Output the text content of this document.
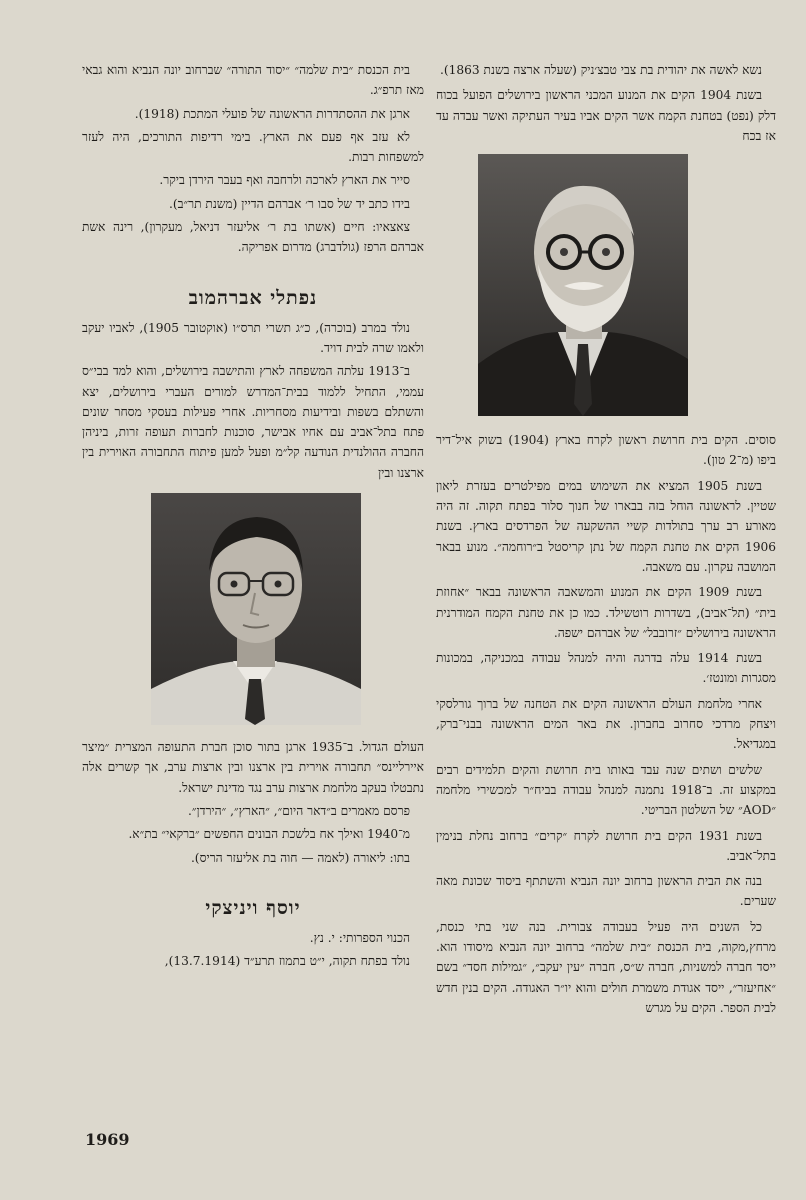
נשא לאשה את יהודית בת צבי טבצ׳ניק (שעלה ארצה בשנת 1863).

בשנת 1904 הקים את המנוע המכני הראשון בירושלים הפועל בכוח דלק (נפט) בטחנת הקמח אשר הקים אביו בעיר העתיקה ואשר עבדה עד אז בכח

סוסים. הקים בית חרושת ראשון לקרח בארץ (1904) בשוק איל־דיר ביפו (מ־2 טון).

בשנת 1905 המציא את השימוש במים מפילטרים בעזרת ליאון שטיין. לראשונה הוחל בזה בבארו של חנוך סלור בפתח תקוה. זה היה מאורע רב ערך בתולדות קשיי ההשקעה של הפרדסים בארץ. בשנת 1906 הקים את טחנת הקמח של נתן קריסטל ב״רוחמה״. מנוע בבאר המושבה עקרון. עם משאבה.

בשנת 1909 הקים את המנוע והמשאבה הראשונה בבאר ״אחוזת בית״ (תל־אביב), בשדרות רוטשילד. כמו כן את טחנת הקמח המודרנית הראשונה בירושלים ״זרובבל״ של אברהם ישפה.

בשנת 1914 עלה בדרגה והיה למנהל עבודה במכניקה, במכונות מסגרות ומונטז׳.

אחרי מלחמת העולם הראשונה הקים את הטחנה של ברוך גורלסקי ויצחק מרדכי סחרוב בחברון. את באר המים הראשונה בבני־ברק, במגדיאל.

שלשים ושתים שנה עבד באותו בית חרושת והקים תלמידים רבים במקצוע זה. ב־1918 נתמנה למנהל עבודה בביח״ר למכשירי מלחמה ״AOD״ של השלטון הבריטי.

בשנת 1931 הקים בית חרושת לקרח ״קרים״ ברחוב נחלת בנימין בתל־אביב.

בנה את הבית הראשון ברחוב יונה הנביא והשתתף ביסוד שכונת מאה שערים.

כל השנים היה פעיל בעבודה צבורית. בנה שני בתי כנסת, מרחץ,מקוה, בית הכנסת ״בית שלמה״ ברחוב יונה הנביא מיסודו הוא. ייסד חברה למשניות, חברה ש״ס, חברה ״עין יעקב״, ״גמילות חסד״ בשם ״אחיעזר״, ייסד אגודת משמרת חולים והוא יו״ר האגודה. הקים בנין חדש לבית הספר. הקים על מגרש

בית הכנסת ״בית שלמה״ ״יסוד התורה״ שברחוב יונה הנביא והוא גבאי מאז תרפ״ג.

ארגן את ההסתדרות הראשונה של פועלי המתכת (1918).

לא עזב אף פעם את הארץ. בימי רדיפות התורכים, היה לעזר למשפחות רבות.

סייר את הארץ לארכה ולרחבה ואף בעבר הירדן ביקר.

בידו כתב יד של סבו ר׳ אברהם הדיין (משנת תר״ב).

צאצאיו: חיים (אשתו בת ר׳ אליעזר דניאל, מעקרון), רינה אשת אברהם הרפז (גולדברג) מדרום אפריקה.

נפתלי אברהמוב

נולד במרב (בוכרה), כ״ג תשרי תרס״ו (אוקטובר 1905), לאביו יעקב ולאמו שרה לבית דויד.

ב־1913 עלתה המשפחה לארץ והתישבה בירושלים, והוא למד בבי״ס עממי, התחיל ללמוד בבית־המדרש למורים העברי בירושלים, יצא והשתלם בשפות ובידיעות מסחריות. אחרי פעילות בעסקי מסחר שונים פתח בתל־אביב עם אחיו אבישר, סוכנות לחברות תעופה זרות, ביניהן החברה ההולנדית הנודעה קל״מ ופעל למען פיתוח התחבורה האוירית בין ארצנו ובין

העולם הגדול. ב־1935 ארגן בתור סוכן חברת התעופה המצרית ״מיצר איירליינס״ תחבורה אוירית בין ארצנו ובין ארצות ערב, אך קשרים אלה נתבטלו בעקב מלחמת ארצות ערב נגד מדינת ישראל.

פרסם מאמרים ב״דאר היום״, ״הארץ״, ״הירדן״.

מ־1940 ואילך אח בלשכת הבונים החפשים ״ברקאי״ בת״א.

בתו: ליאורה (לאמה — חוה בת אליעזר הריס).

יוסף ויניצקי

הכנוי הספרותי: י. נץ.

נולד בפתח תקוה, י״ט בתמוז תרע״ד (13.7.1914),

1969
